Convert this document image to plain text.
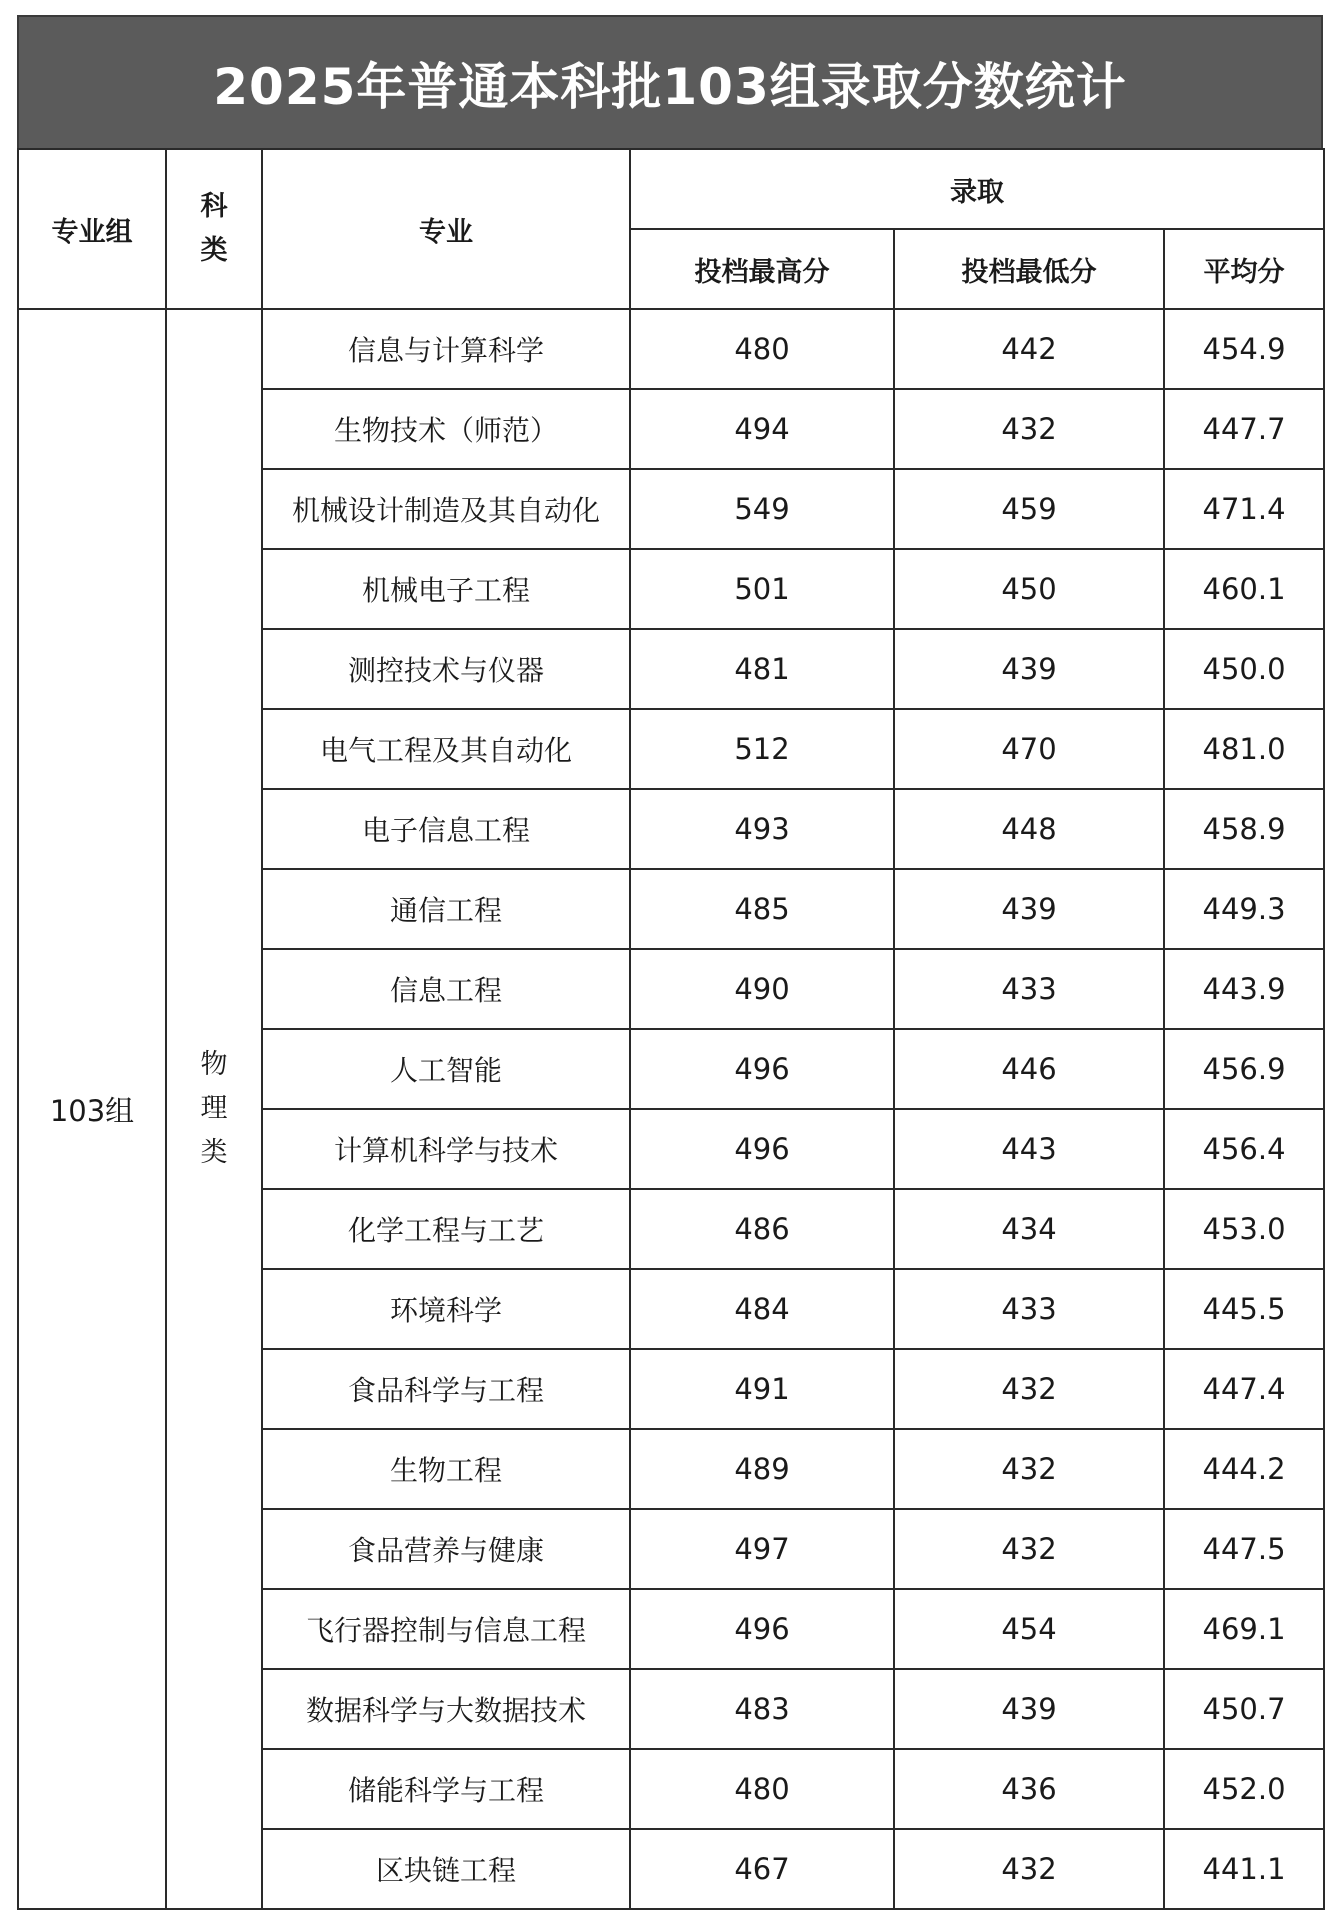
2025年普通本科批103组录取分数统计
专业组	科类	专业	录取		
			投档最高分	投档最低分	平均分
103组	物理类	信息与计算科学	480	442	454.9
		生物技术（师范）	494	432	447.7
		机械设计制造及其自动化	549	459	471.4
		机械电子工程	501	450	460.1
		测控技术与仪器	481	439	450.0
		电气工程及其自动化	512	470	481.0
		电子信息工程	493	448	458.9
		通信工程	485	439	449.3
		信息工程	490	433	443.9
		人工智能	496	446	456.9
		计算机科学与技术	496	443	456.4
		化学工程与工艺	486	434	453.0
		环境科学	484	433	445.5
		食品科学与工程	491	432	447.4
		生物工程	489	432	444.2
		食品营养与健康	497	432	447.5
		飞行器控制与信息工程	496	454	469.1
		数据科学与大数据技术	483	439	450.7
		储能科学与工程	480	436	452.0
		区块链工程	467	432	441.1
